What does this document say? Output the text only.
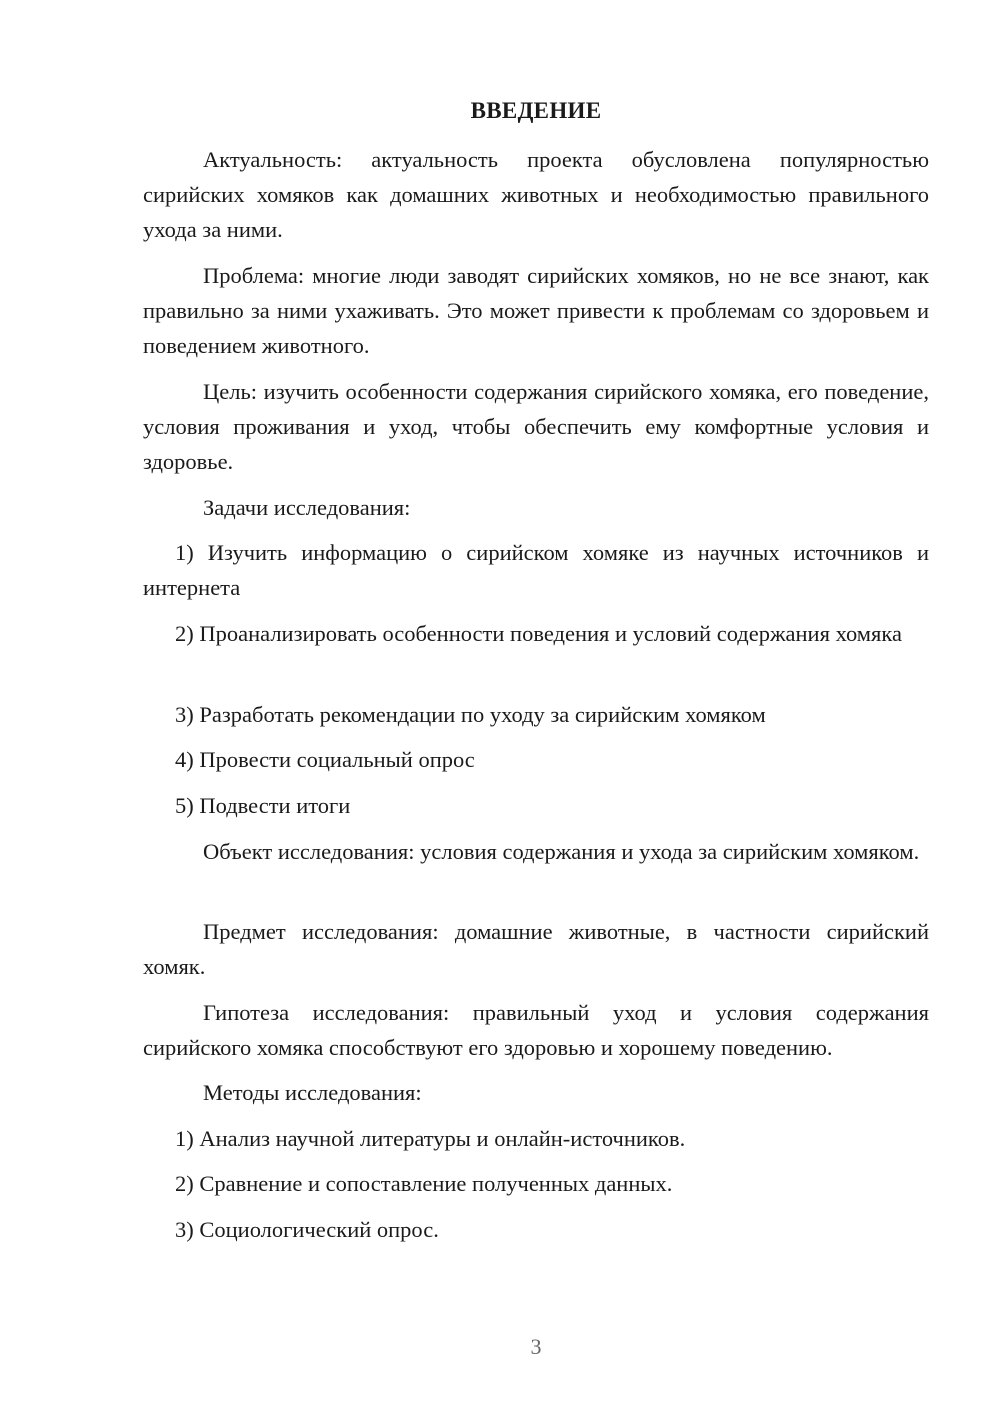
ВВЕДЕНИЕ

Актуальность: актуальность проекта обусловлена популярностью сирийских хомяков как домашних животных и необходимостью правильного ухода за ними.

Проблема: многие люди заводят сирийских хомяков, но не все знают, как правильно за ними ухаживать. Это может привести к проблемам со здоровьем и поведением животного.

Цель: изучить особенности содержания сирийского хомяка, его поведение, условия проживания и уход, чтобы обеспечить ему комфортные условия и здоровье.

Задачи исследования:

1) Изучить информацию о сирийском хомяке из научных источников и интернета

2) Проанализировать особенности поведения и условий содержания хомяка

3) Разработать рекомендации по уходу за сирийским хомяком

4) Провести социальный опрос

5) Подвести итоги

Объект исследования: условия содержания и ухода за сирийским хомяком.

Предмет исследования: домашние животные, в частности сирийский хомяк.

Гипотеза исследования: правильный уход и условия содержания сирийского хомяка способствуют его здоровью и хорошему поведению.

Методы исследования:

1) Анализ научной литературы и онлайн-источников.

2) Сравнение и сопоставление полученных данных.

3) Социологический опрос.

3
